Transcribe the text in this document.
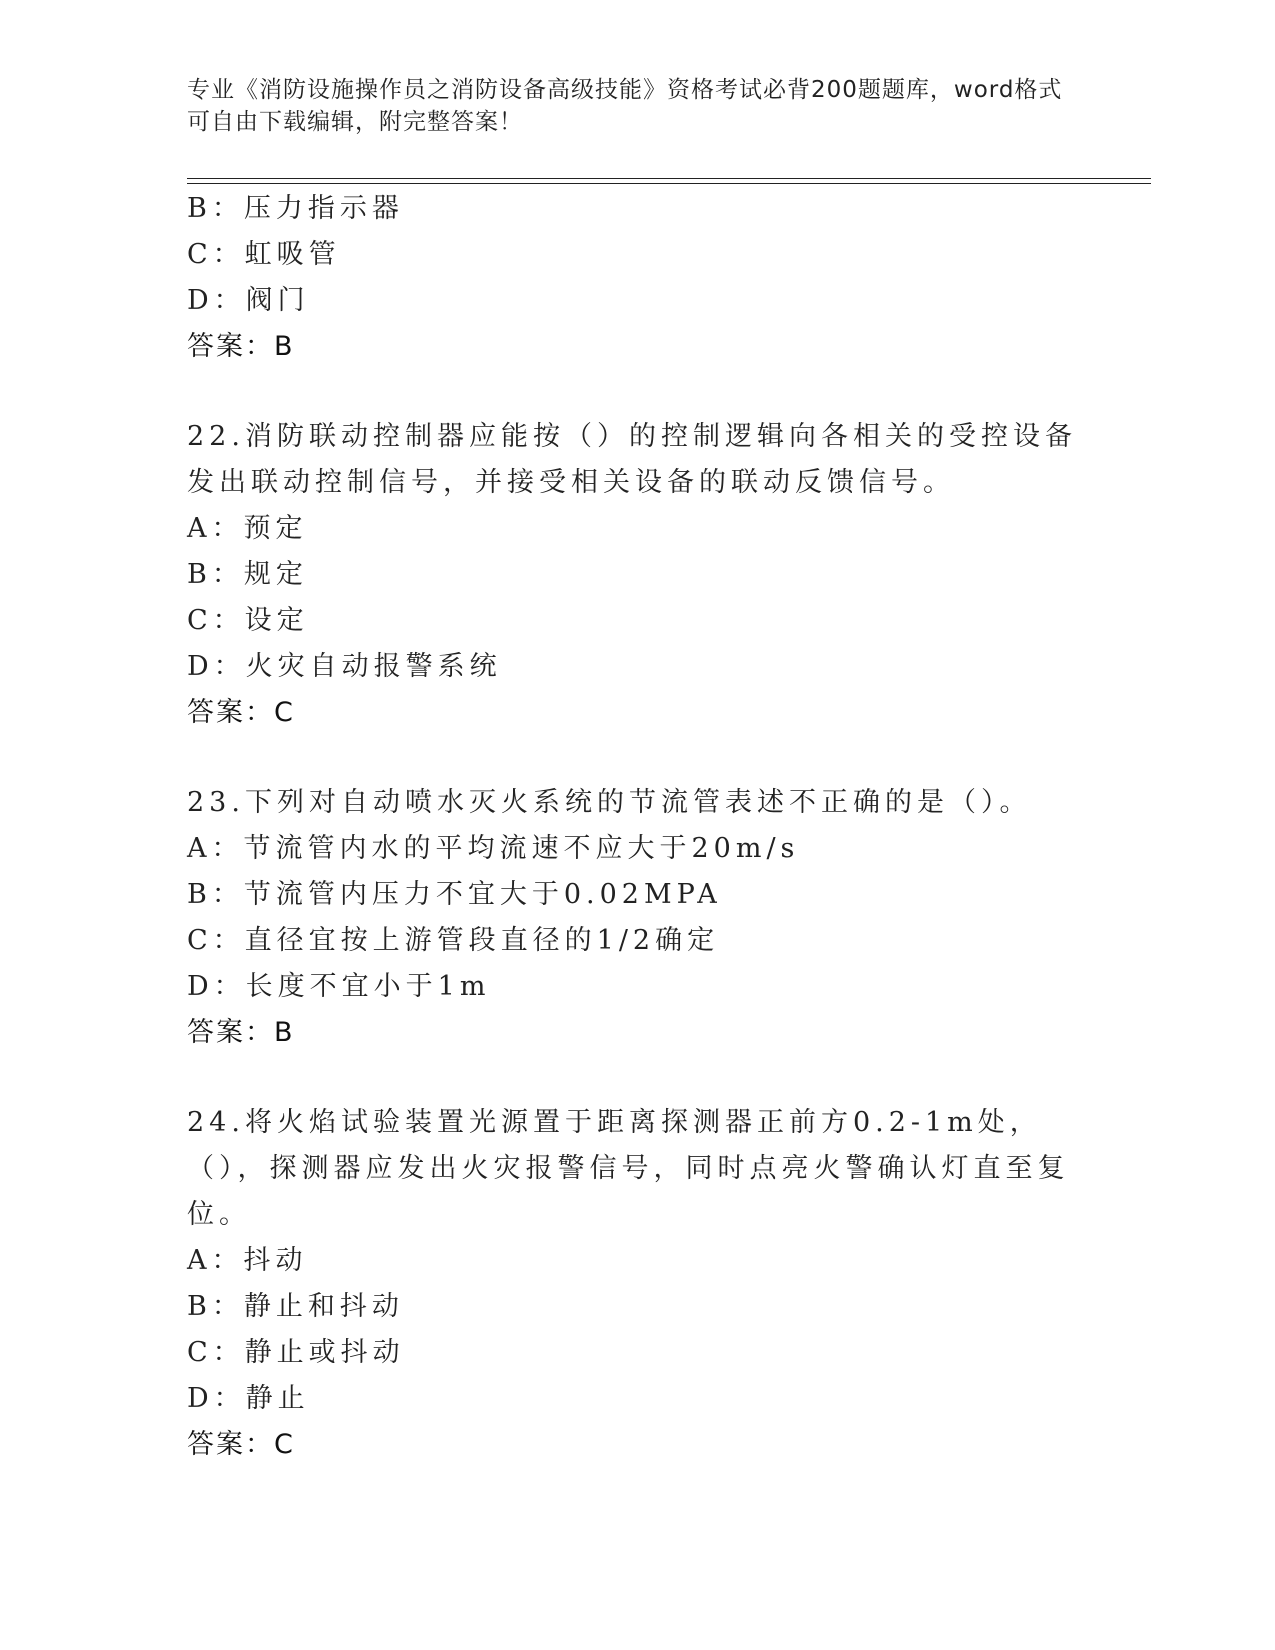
专业《消防设施操作员之消防设备高级技能》资格考试必背200题题库，word格式可自由下载编辑，附完整答案！
B：压力指示器
C：虹吸管
D：阀门
答案：B
22.消防联动控制器应能按（）的控制逻辑向各相关的受控设备发出联动控制信号，并接受相关设备的联动反馈信号。
A：预定
B：规定
C：设定
D：火灾自动报警系统
答案：C
23.下列对自动喷水灭火系统的节流管表述不正确的是（）。
A：节流管内水的平均流速不应大于20m/s
B：节流管内压力不宜大于0.02MPA
C：直径宜按上游管段直径的1/2确定
D：长度不宜小于1m
答案：B
24.将火焰试验装置光源置于距离探测器正前方0.2-1m处，（），探测器应发出火灾报警信号，同时点亮火警确认灯直至复位。
A：抖动
B：静止和抖动
C：静止或抖动
D：静止
答案：C
